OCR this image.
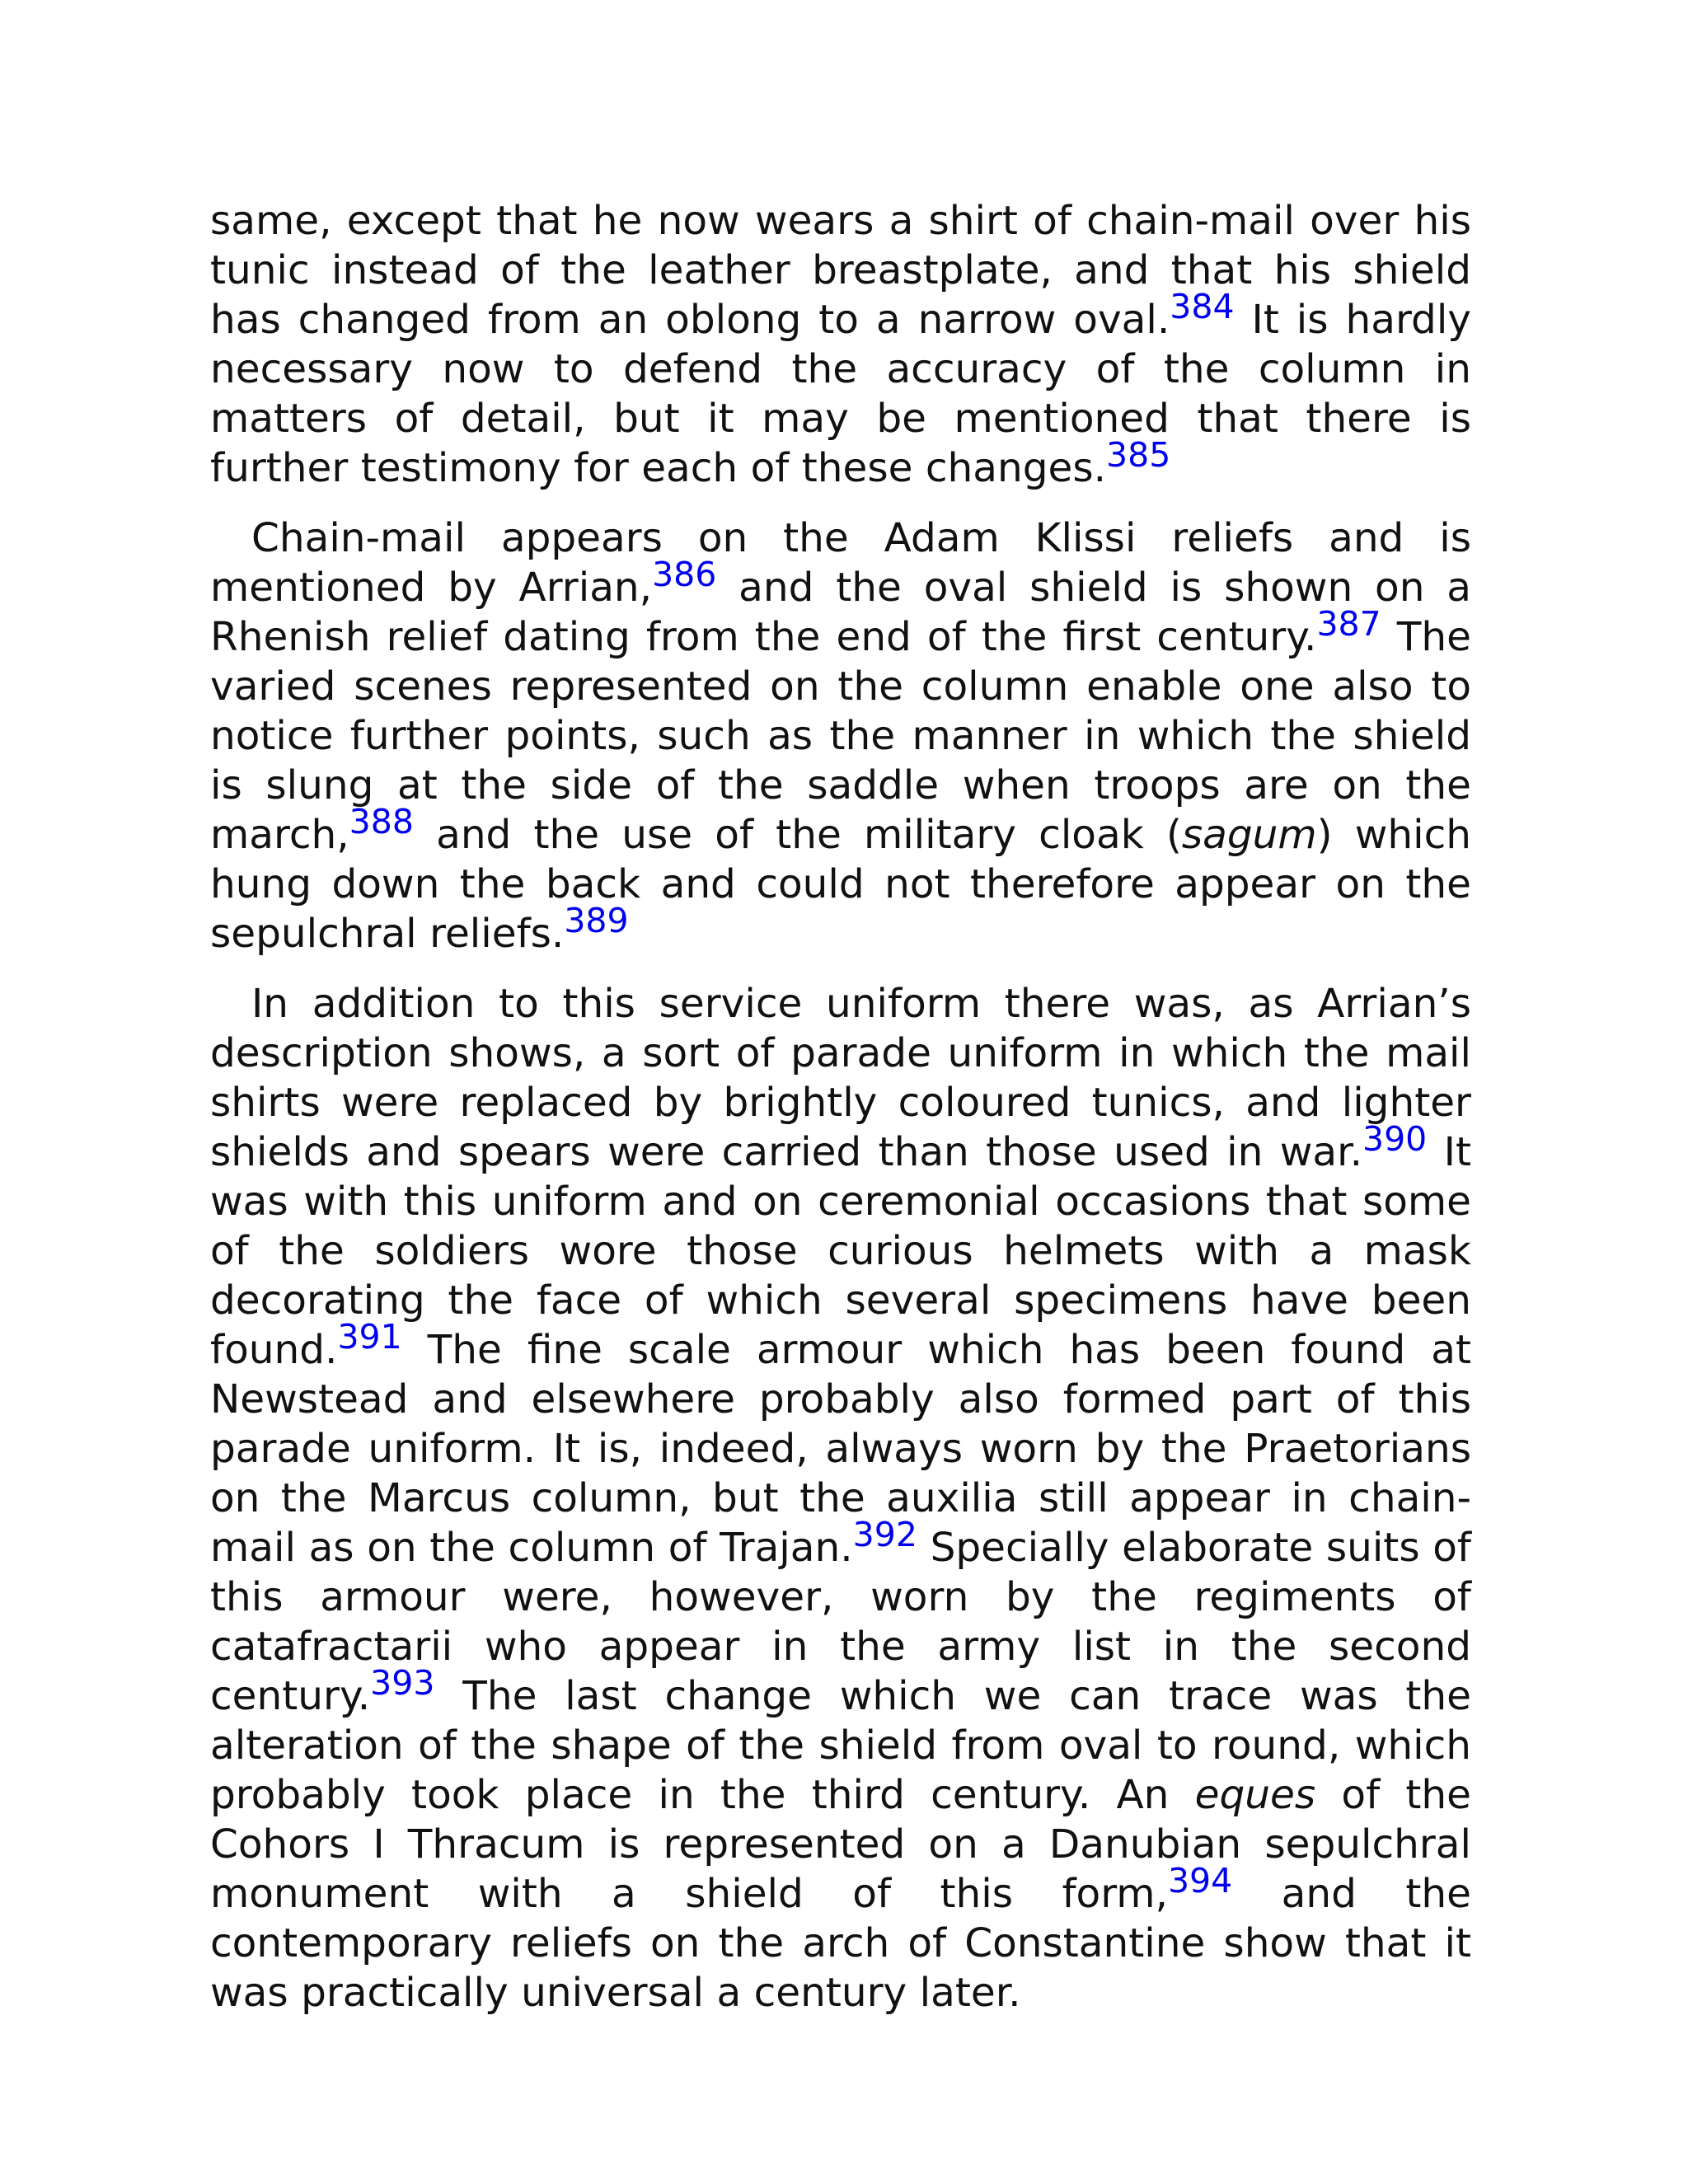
same, except that he now wears a shirt of chain-mail over his tunic instead of the leather breastplate, and that his shield has changed from an oblong to a narrow oval.$^{384}$ It is hardly necessary now to defend the accuracy of the column in matters of detail, but it may be mentioned that there is further testimony for each of these changes.$^{385}$

Chain-mail appears on the Adam Klissi reliefs and is mentioned by Arrian,$^{386}$ and the oval shield is shown on a Rhenish relief dating from the end of the first century.$^{387}$ The varied scenes represented on the column enable one also to notice further points, such as the manner in which the shield is slung at the side of the saddle when troops are on the march,$^{388}$ and the use of the military cloak (sagum) which hung down the back and could not therefore appear on the sepulchral reliefs.$^{389}$

In addition to this service uniform there was, as Arrian’s description shows, a sort of parade uniform in which the mail shirts were replaced by brightly coloured tunics, and lighter shields and spears were carried than those used in war.$^{390}$ It was with this uniform and on ceremonial occasions that some of the soldiers wore those curious helmets with a mask decorating the face of which several specimens have been found.$^{391}$ The fine scale armour which has been found at Newstead and elsewhere probably also formed part of this parade uniform. It is, indeed, always worn by the Praetorians on the Marcus column, but the auxilia still appear in chain-mail as on the column of Trajan.$^{392}$ Specially elaborate suits of this armour were, however, worn by the regiments of catafractarii who appear in the army list in the second century.$^{393}$ The last change which we can trace was the alteration of the shape of the shield from oval to round, which probably took place in the third century. An eques of the Cohors I Thracum is represented on a Danubian sepulchral monument with a shield of this form,$^{394}$ and the contemporary reliefs on the arch of Constantine show that it was practically universal a century later.
